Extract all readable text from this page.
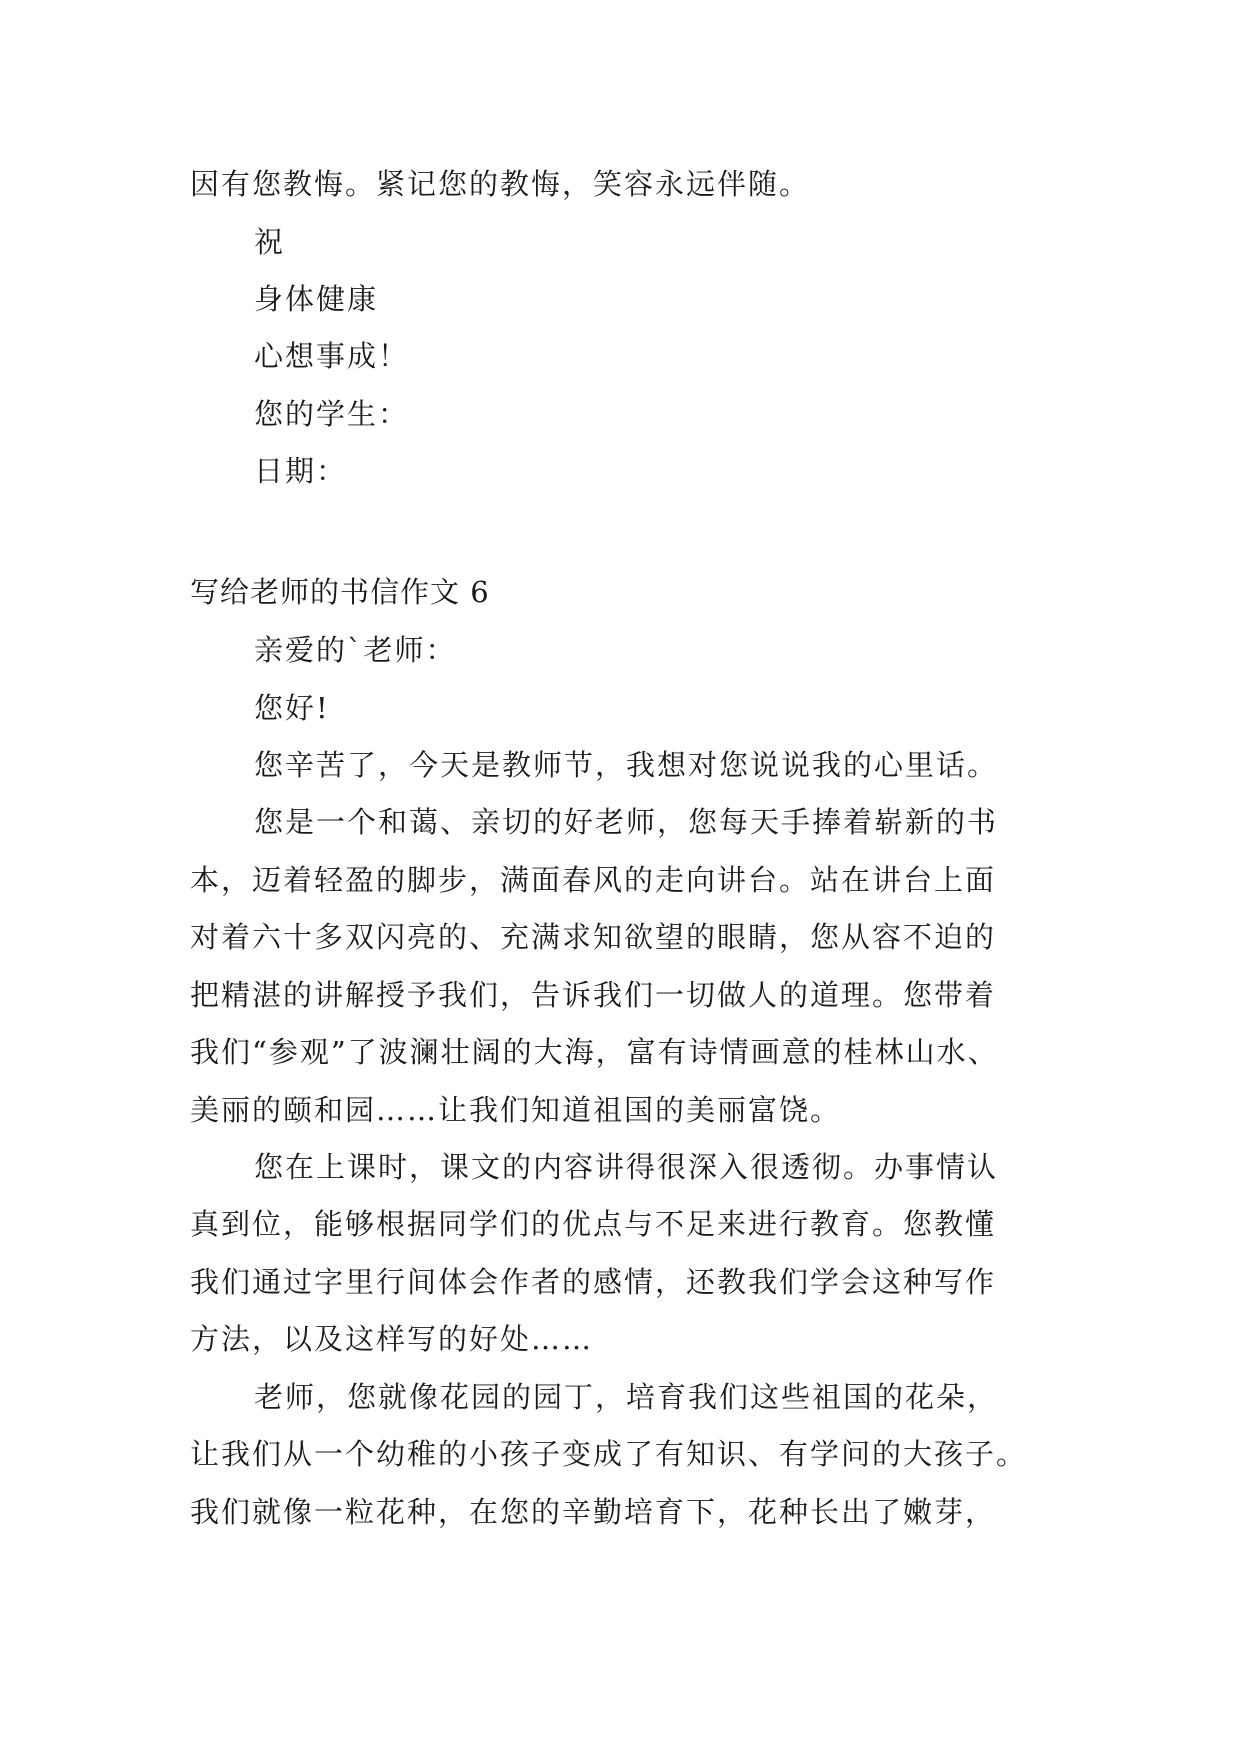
因有您教悔。紧记您的教悔，笑容永远伴随。
祝
身体健康
心想事成！
您的学生：
日期：
写给老师的书信作文 6
亲爱的`老师：
您好!
您辛苦了，今天是教师节，我想对您说说我的心里话。
您是一个和蔼、亲切的好老师，您每天手捧着崭新的书
本，迈着轻盈的脚步，满面春风的走向讲台。站在讲台上面
对着六十多双闪亮的、充满求知欲望的眼睛，您从容不迫的
把精湛的讲解授予我们，告诉我们一切做人的道理。您带着
我们“参观”了波澜壮阔的大海，富有诗情画意的桂林山水、
美丽的颐和园……让我们知道祖国的美丽富饶。
您在上课时，课文的内容讲得很深入很透彻。办事情认
真到位，能够根据同学们的优点与不足来进行教育。您教懂
我们通过字里行间体会作者的感情，还教我们学会这种写作
方法，以及这样写的好处……
老师，您就像花园的园丁，培育我们这些祖国的花朵，
让我们从一个幼稚的小孩子变成了有知识、有学问的大孩子。
我们就像一粒花种，在您的辛勤培育下，花种长出了嫩芽，
